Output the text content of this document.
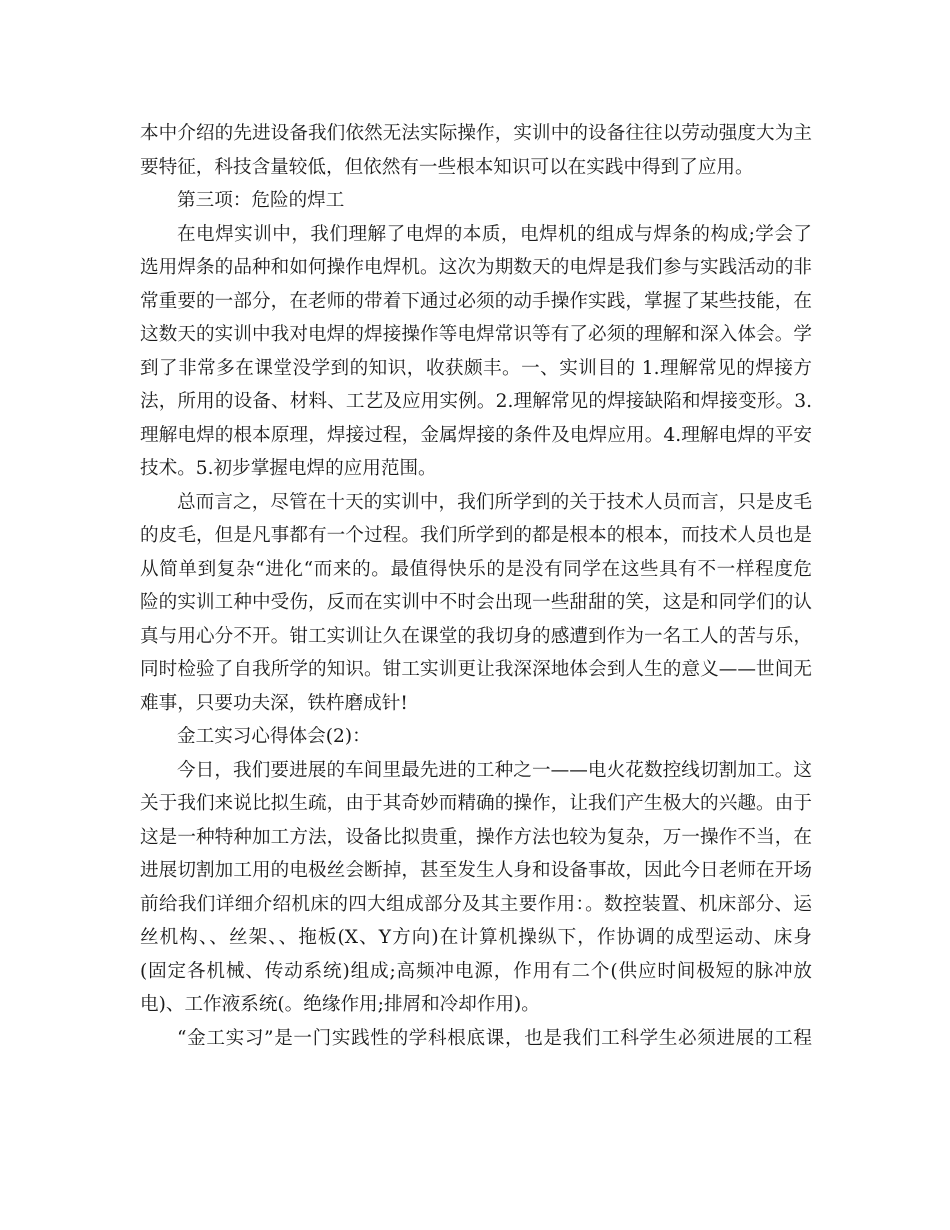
本中介绍的先进设备我们依然无法实际操作，实训中的设备往往以劳动强度大为主
要特征，科技含量较低，但依然有一些根本知识可以在实践中得到了应用。
第三项：危险的焊工
在电焊实训中，我们理解了电焊的本质，电焊机的组成与焊条的构成;学会了
选用焊条的品种和如何操作电焊机。这次为期数天的电焊是我们参与实践活动的非
常重要的一部分，在老师的带着下通过必须的动手操作实践，掌握了某些技能，在
这数天的实训中我对电焊的焊接操作等电焊常识等有了必须的理解和深入体会。学
到了非常多在课堂没学到的知识，收获颇丰。一、实训目的 1.理解常见的焊接方
法，所用的设备、材料、工艺及应用实例。2.理解常见的焊接缺陷和焊接变形。3.
理解电焊的根本原理，焊接过程，金属焊接的条件及电焊应用。4.理解电焊的平安
技术。5.初步掌握电焊的应用范围。
总而言之，尽管在十天的实训中，我们所学到的关于技术人员而言，只是皮毛
的皮毛，但是凡事都有一个过程。我们所学到的都是根本的根本，而技术人员也是
从简单到复杂“进化“而来的。最值得快乐的是没有同学在这些具有不一样程度危
险的实训工种中受伤，反而在实训中不时会出现一些甜甜的笑，这是和同学们的认
真与用心分不开。钳工实训让久在课堂的我切身的感遭到作为一名工人的苦与乐，
同时检验了自我所学的知识。钳工实训更让我深深地体会到人生的意义——世间无
难事，只要功夫深，铁杵磨成针!
金工实习心得体会(2)：
今日，我们要进展的车间里最先进的工种之一——电火花数控线切割加工。这
关于我们来说比拟生疏，由于其奇妙而精确的操作，让我们产生极大的兴趣。由于
这是一种特种加工方法，设备比拟贵重，操作方法也较为复杂，万一操作不当，在
进展切割加工用的电极丝会断掉，甚至发生人身和设备事故，因此今日老师在开场
前给我们详细介绍机床的四大组成部分及其主要作用：。数控装置、机床部分、运
丝机构、、丝架、、拖板(X、Y方向)在计算机操纵下，作协调的成型运动、床身
(固定各机械、传动系统)组成;高频冲电源，作用有二个(供应时间极短的脉冲放
电)、工作液系统(。绝缘作用;排屑和冷却作用)。
“金工实习”是一门实践性的学科根底课，也是我们工科学生必须进展的工程
